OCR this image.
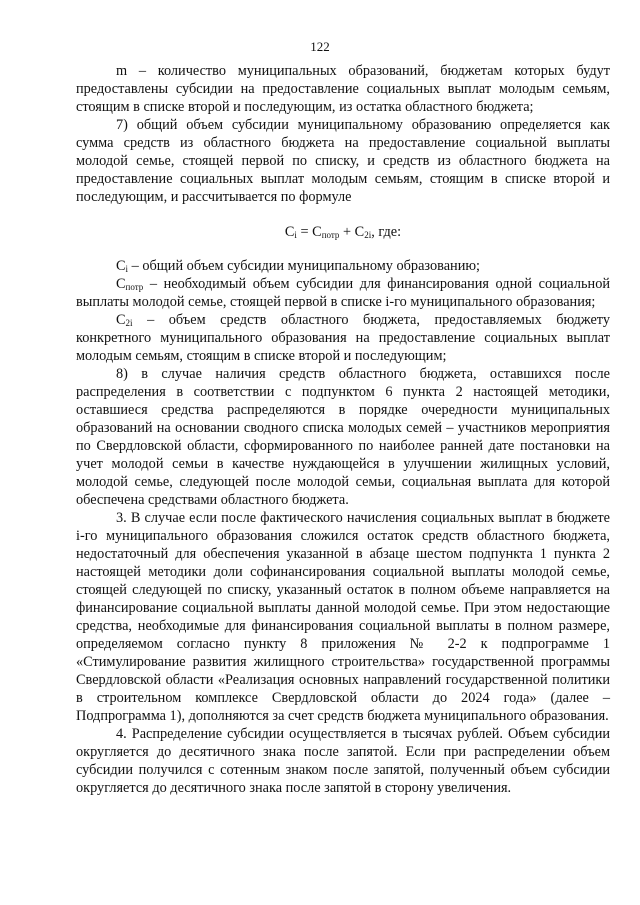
122

m – количество муниципальных образований, бюджетам которых будут предоставлены субсидии на предоставление социальных выплат молодым семьям, стоящим в списке второй и последующим, из остатка областного бюджета;

7) общий объем субсидии муниципальному образованию определяется как сумма средств из областного бюджета на предоставление социальной выплаты молодой семье, стоящей первой по списку, и средств из областного бюджета на предоставление социальных выплат молодым семьям, стоящим в списке второй и последующим, и рассчитывается по формуле

$C_i = C_{потр} + C_{2i}$, где:

$C_i$ – общий объем субсидии муниципальному образованию;

$C_{потр}$ – необходимый объем субсидии для финансирования одной социальной выплаты молодой семье, стоящей первой в списке i-го муниципального образования;

$C_{2i}$ – объем средств областного бюджета, предоставляемых бюджету конкретного муниципального образования на предоставление социальных выплат молодым семьям, стоящим в списке второй и последующим;

8) в случае наличия средств областного бюджета, оставшихся после распределения в соответствии с подпунктом 6 пункта 2 настоящей методики, оставшиеся средства распределяются в порядке очередности муниципальных образований на основании сводного списка молодых семей – участников мероприятия по Свердловской области, сформированного по наиболее ранней дате постановки на учет молодой семьи в качестве нуждающейся в улучшении жилищных условий, молодой семье, следующей после молодой семьи, социальная выплата для которой обеспечена средствами областного бюджета.

3. В случае если после фактического начисления социальных выплат в бюджете i-го муниципального образования сложился остаток средств областного бюджета, недостаточный для обеспечения указанной в абзаце шестом подпункта 1 пункта 2 настоящей методики доли софинансирования социальной выплаты молодой семье, стоящей следующей по списку, указанный остаток в полном объеме направляется на финансирование социальной выплаты данной молодой семье. При этом недостающие средства, необходимые для финансирования социальной выплаты в полном размере, определяемом согласно пункту 8 приложения № 2-2 к подпрограмме 1 «Стимулирование развития жилищного строительства» государственной программы Свердловской области «Реализация основных направлений государственной политики в строительном комплексе Свердловской области до 2024 года» (далее – Подпрограмма 1), дополняются за счет средств бюджета муниципального образования.

4. Распределение субсидии осуществляется в тысячах рублей. Объем субсидии округляется до десятичного знака после запятой. Если при распределении объем субсидии получился с сотенным знаком после запятой, полученный объем субсидии округляется до десятичного знака после запятой в сторону увеличения.
